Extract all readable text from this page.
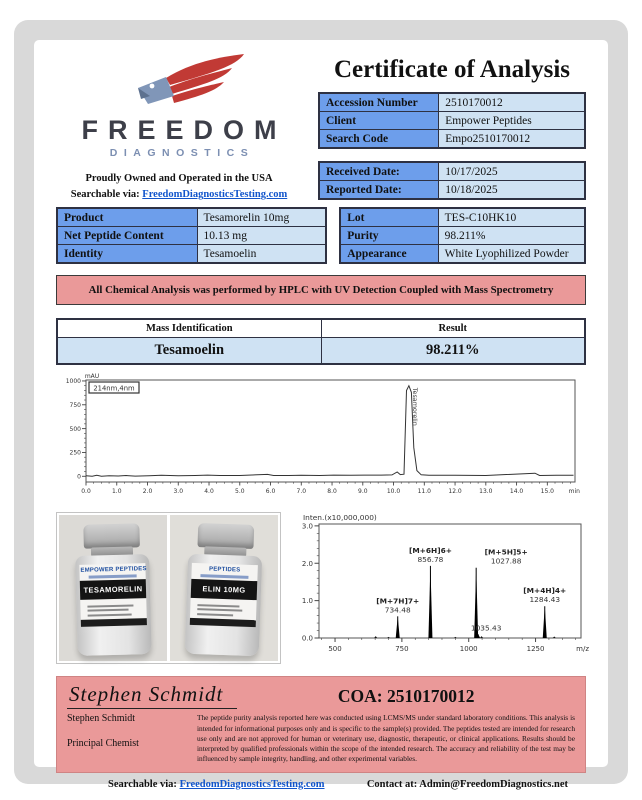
FREEDOM
DIAGNOSTICS
Proudly Owned and Operated in the USA
Searchable via: FreedomDiagnosticsTesting.com
Certificate of Analysis
Accession Number	2510170012
Client	Empower Peptides
Search Code	Empo2510170012
Received Date:	10/17/2025
Reported Date:	10/18/2025
Product	Tesamorelin 10mg
Net Peptide Content	10.13 mg
Identity	Tesamoelin
Lot	TES-C10HK10
Purity	98.211%
Appearance	White Lyophilized Powder
All Chemical Analysis was performed by HPLC with UV Detection Coupled with Mass Spectrometry
Mass Identification	Result
Tesamoelin	98.211%
0
250
500
750
1000
0.0	1.0	2.0	3.0	4.0	5.0	6.0	7.0	8.0	9.0	10.0	11.0	12.0	13.0	14.0	15.0
mAU
min
214nm,4nm	Tesamorelin
EMPOWER PEPTIDES
TESAMORELIN
PEPTIDES
ELIN 10MG
Inten.(x10,000,000)
0.0
1.0
2.0
3.0
500	750	1000	1250	m/z
[M+7H]7+
734.48
[M+6H]6+
856.78
[M+5H]5+
1027.88
1035.43
[M+4H]4+
1284.43
Stephen Schmidt	COA: 2510170012
Stephen Schmidt
Principal Chemist
The peptide purity analysis reported here was conducted using LCMS/MS under standard laboratory conditions. This analysis is intended for informational purposes only and is specific to the sample(s) provided. The peptides tested are intended for research use only and are not approved for human or veterinary use, diagnostic, therapeutic, or clinical applications. Results should be interpreted by qualified professionals within the scope of the intended research. The accuracy and reliability of the test may be influenced by sample integrity, handling, and other experimental variables.
Searchable via: FreedomDiagnosticsTesting.com	Contact at: Admin@FreedomDiagnostics.net
